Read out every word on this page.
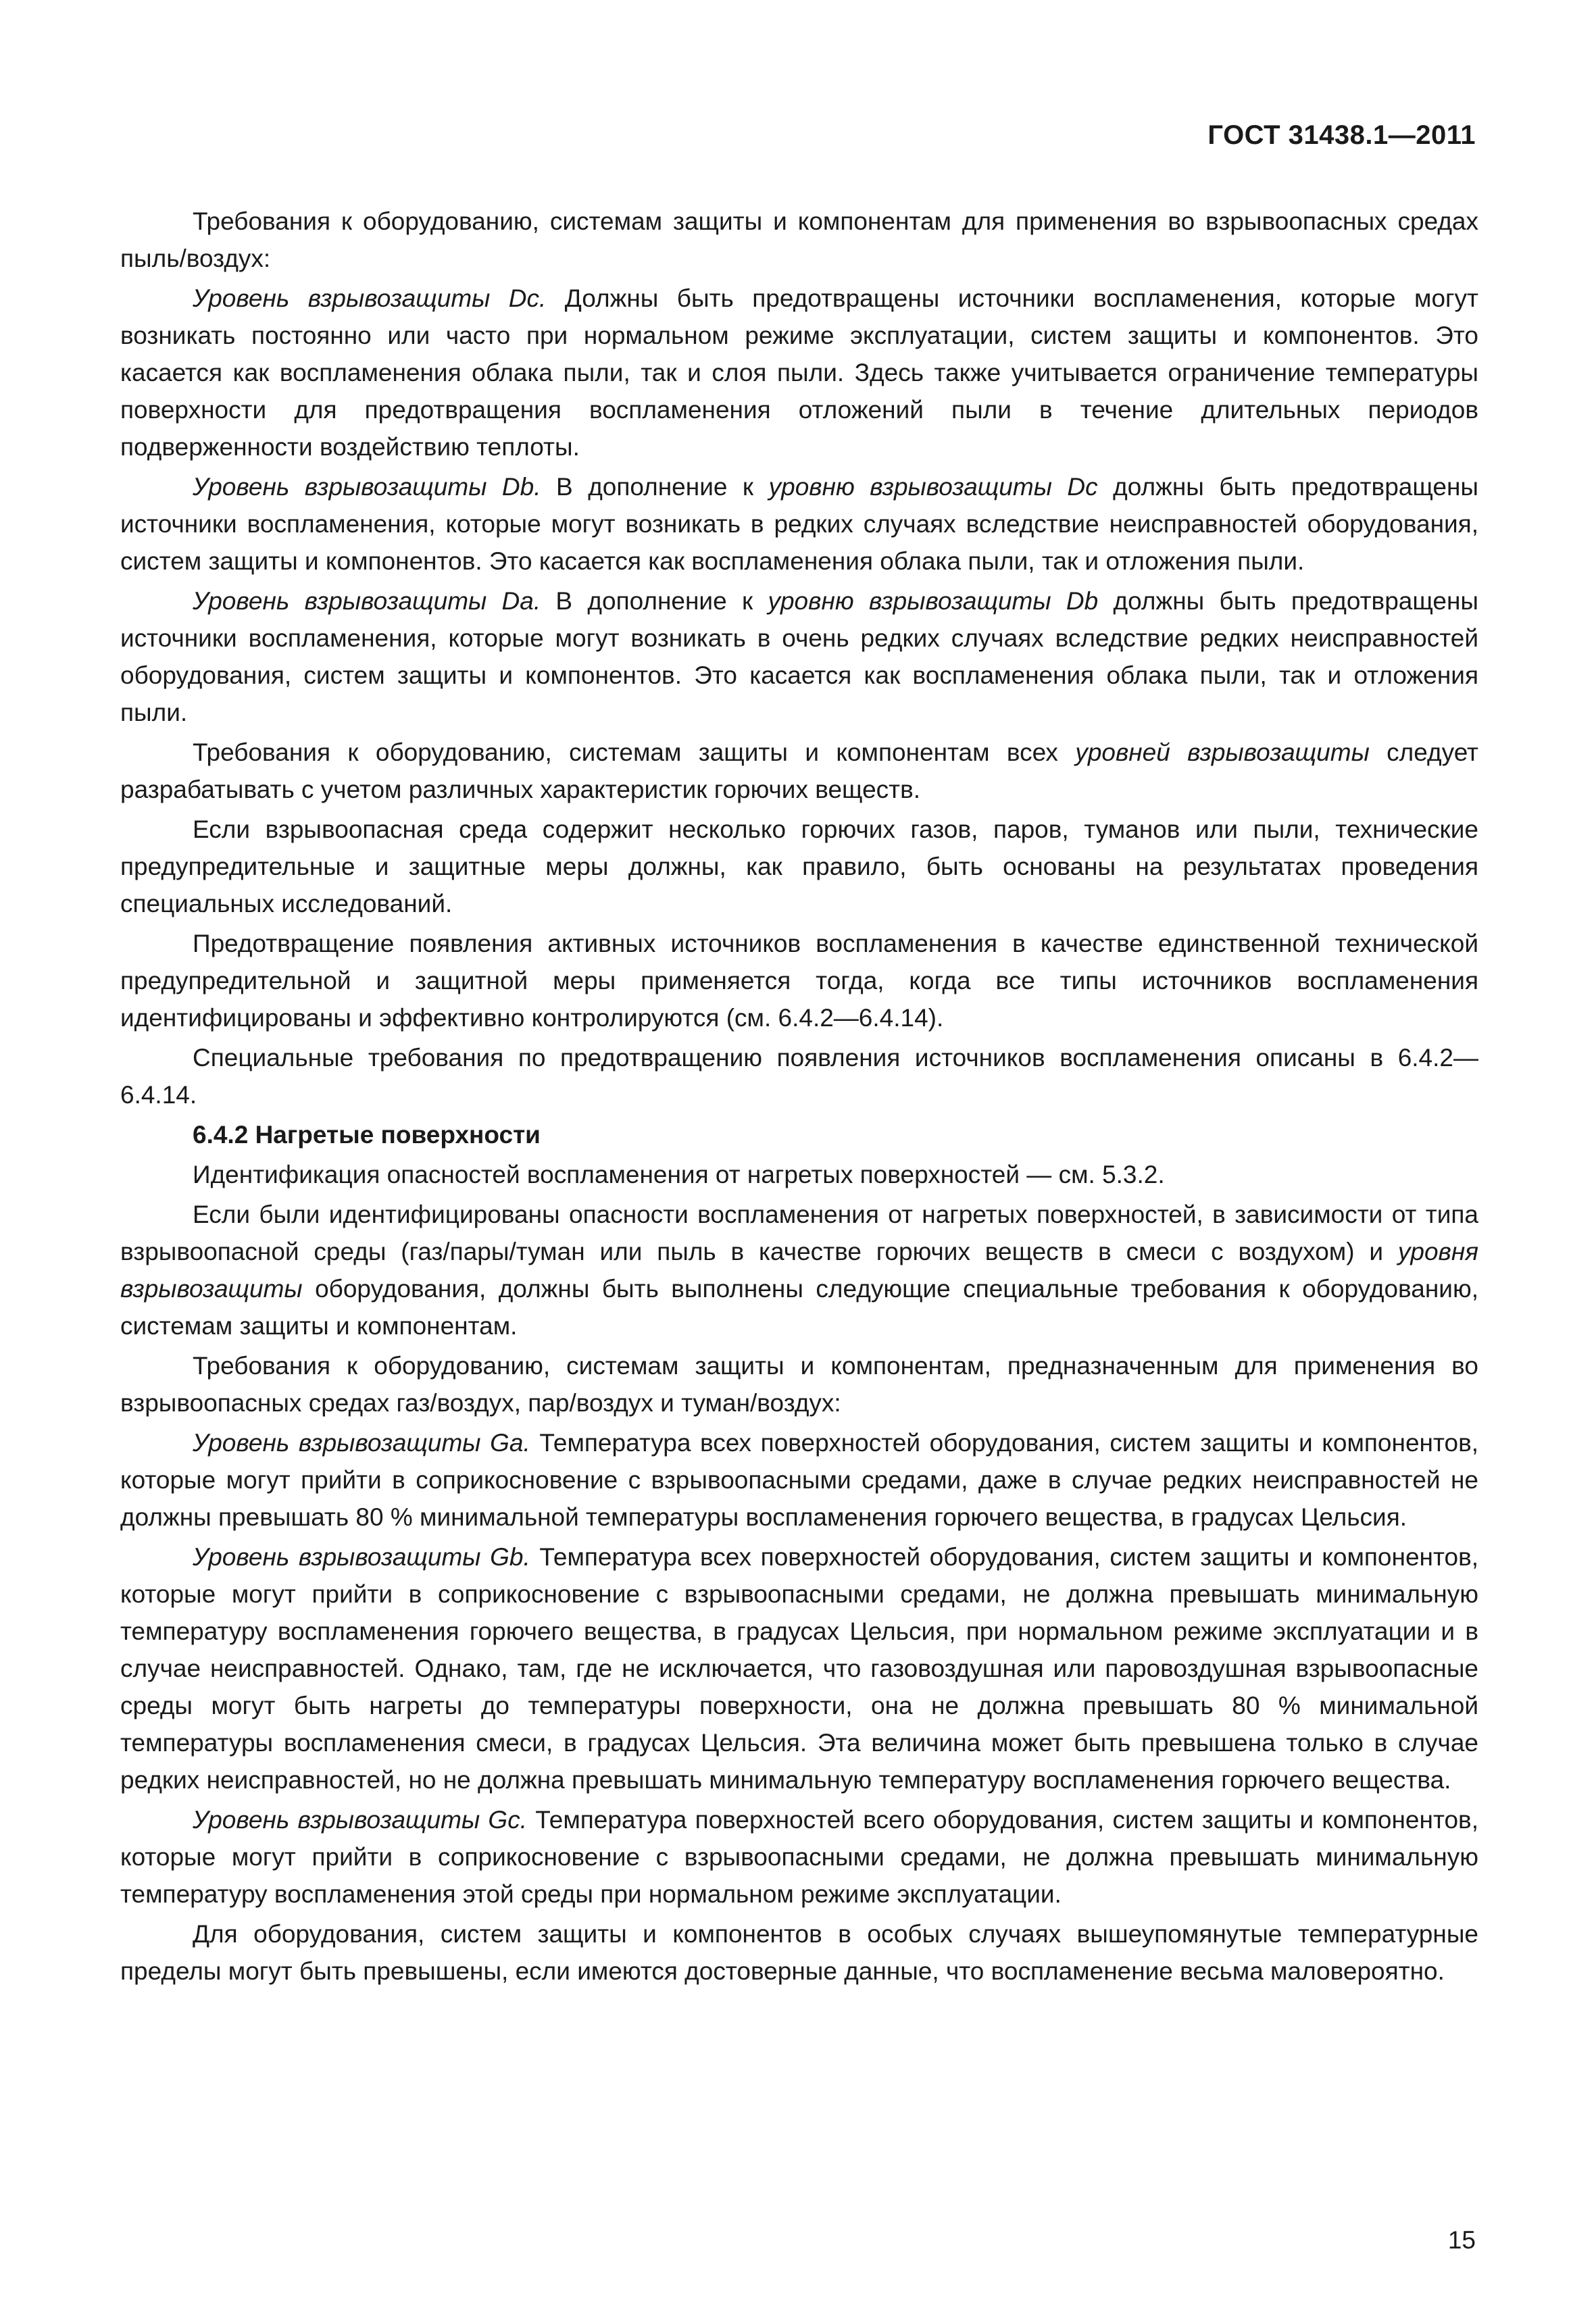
ГОСТ 31438.1—2011

Требования к оборудованию, системам защиты и компонентам для применения во взрывоопасных средах пыль/воздух:

Уровень взрывозащиты Dc. Должны быть предотвращены источники воспламенения, которые могут возникать постоянно или часто при нормальном режиме эксплуатации, систем защиты и компонентов. Это касается как воспламенения облака пыли, так и слоя пыли. Здесь также учитывается ограничение температуры поверхности для предотвращения воспламенения отложений пыли в течение длительных периодов подверженности воздействию теплоты.

Уровень взрывозащиты Db. В дополнение к уровню взрывозащиты Dc должны быть предотвращены источники воспламенения, которые могут возникать в редких случаях вследствие неисправностей оборудования, систем защиты и компонентов. Это касается как воспламенения облака пыли, так и отложения пыли.

Уровень взрывозащиты Da. В дополнение к уровню взрывозащиты Db должны быть предотвращены источники воспламенения, которые могут возникать в очень редких случаях вследствие редких неисправностей оборудования, систем защиты и компонентов. Это касается как воспламенения облака пыли, так и отложения пыли.

Требования к оборудованию, системам защиты и компонентам всех уровней взрывозащиты следует разрабатывать с учетом различных характеристик горючих веществ.

Если взрывоопасная среда содержит несколько горючих газов, паров, туманов или пыли, технические предупредительные и защитные меры должны, как правило, быть основаны на результатах проведения специальных исследований.

Предотвращение появления активных источников воспламенения в качестве единственной технической предупредительной и защитной меры применяется тогда, когда все типы источников воспламенения идентифицированы и эффективно контролируются (см. 6.4.2—6.4.14).

Специальные требования по предотвращению появления источников воспламенения описаны в 6.4.2—6.4.14.

6.4.2 Нагретые поверхности

Идентификация опасностей воспламенения от нагретых поверхностей — см. 5.3.2.

Если были идентифицированы опасности воспламенения от нагретых поверхностей, в зависимости от типа взрывоопасной среды (газ/пары/туман или пыль в качестве горючих веществ в смеси с воздухом) и уровня взрывозащиты оборудования, должны быть выполнены следующие специальные требования к оборудованию, системам защиты и компонентам.

Требования к оборудованию, системам защиты и компонентам, предназначенным для применения во взрывоопасных средах газ/воздух, пар/воздух и туман/воздух:

Уровень взрывозащиты Ga. Температура всех поверхностей оборудования, систем защиты и компонентов, которые могут прийти в соприкосновение с взрывоопасными средами, даже в случае редких неисправностей не должны превышать 80 % минимальной температуры воспламенения горючего вещества, в градусах Цельсия.

Уровень взрывозащиты Gb. Температура всех поверхностей оборудования, систем защиты и компонентов, которые могут прийти в соприкосновение с взрывоопасными средами, не должна превышать минимальную температуру воспламенения горючего вещества, в градусах Цельсия, при нормальном режиме эксплуатации и в случае неисправностей. Однако, там, где не исключается, что газовоздушная или паровоздушная взрывоопасные среды могут быть нагреты до температуры поверхности, она не должна превышать 80 % минимальной температуры воспламенения смеси, в градусах Цельсия. Эта величина может быть превышена только в случае редких неисправностей, но не должна превышать минимальную температуру воспламенения горючего вещества.

Уровень взрывозащиты Gc. Температура поверхностей всего оборудования, систем защиты и компонентов, которые могут прийти в соприкосновение с взрывоопасными средами, не должна превышать минимальную температуру воспламенения этой среды при нормальном режиме эксплуатации.

Для оборудования, систем защиты и компонентов в особых случаях вышеупомянутые температурные пределы могут быть превышены, если имеются достоверные данные, что воспламенение весьма маловероятно.

15
